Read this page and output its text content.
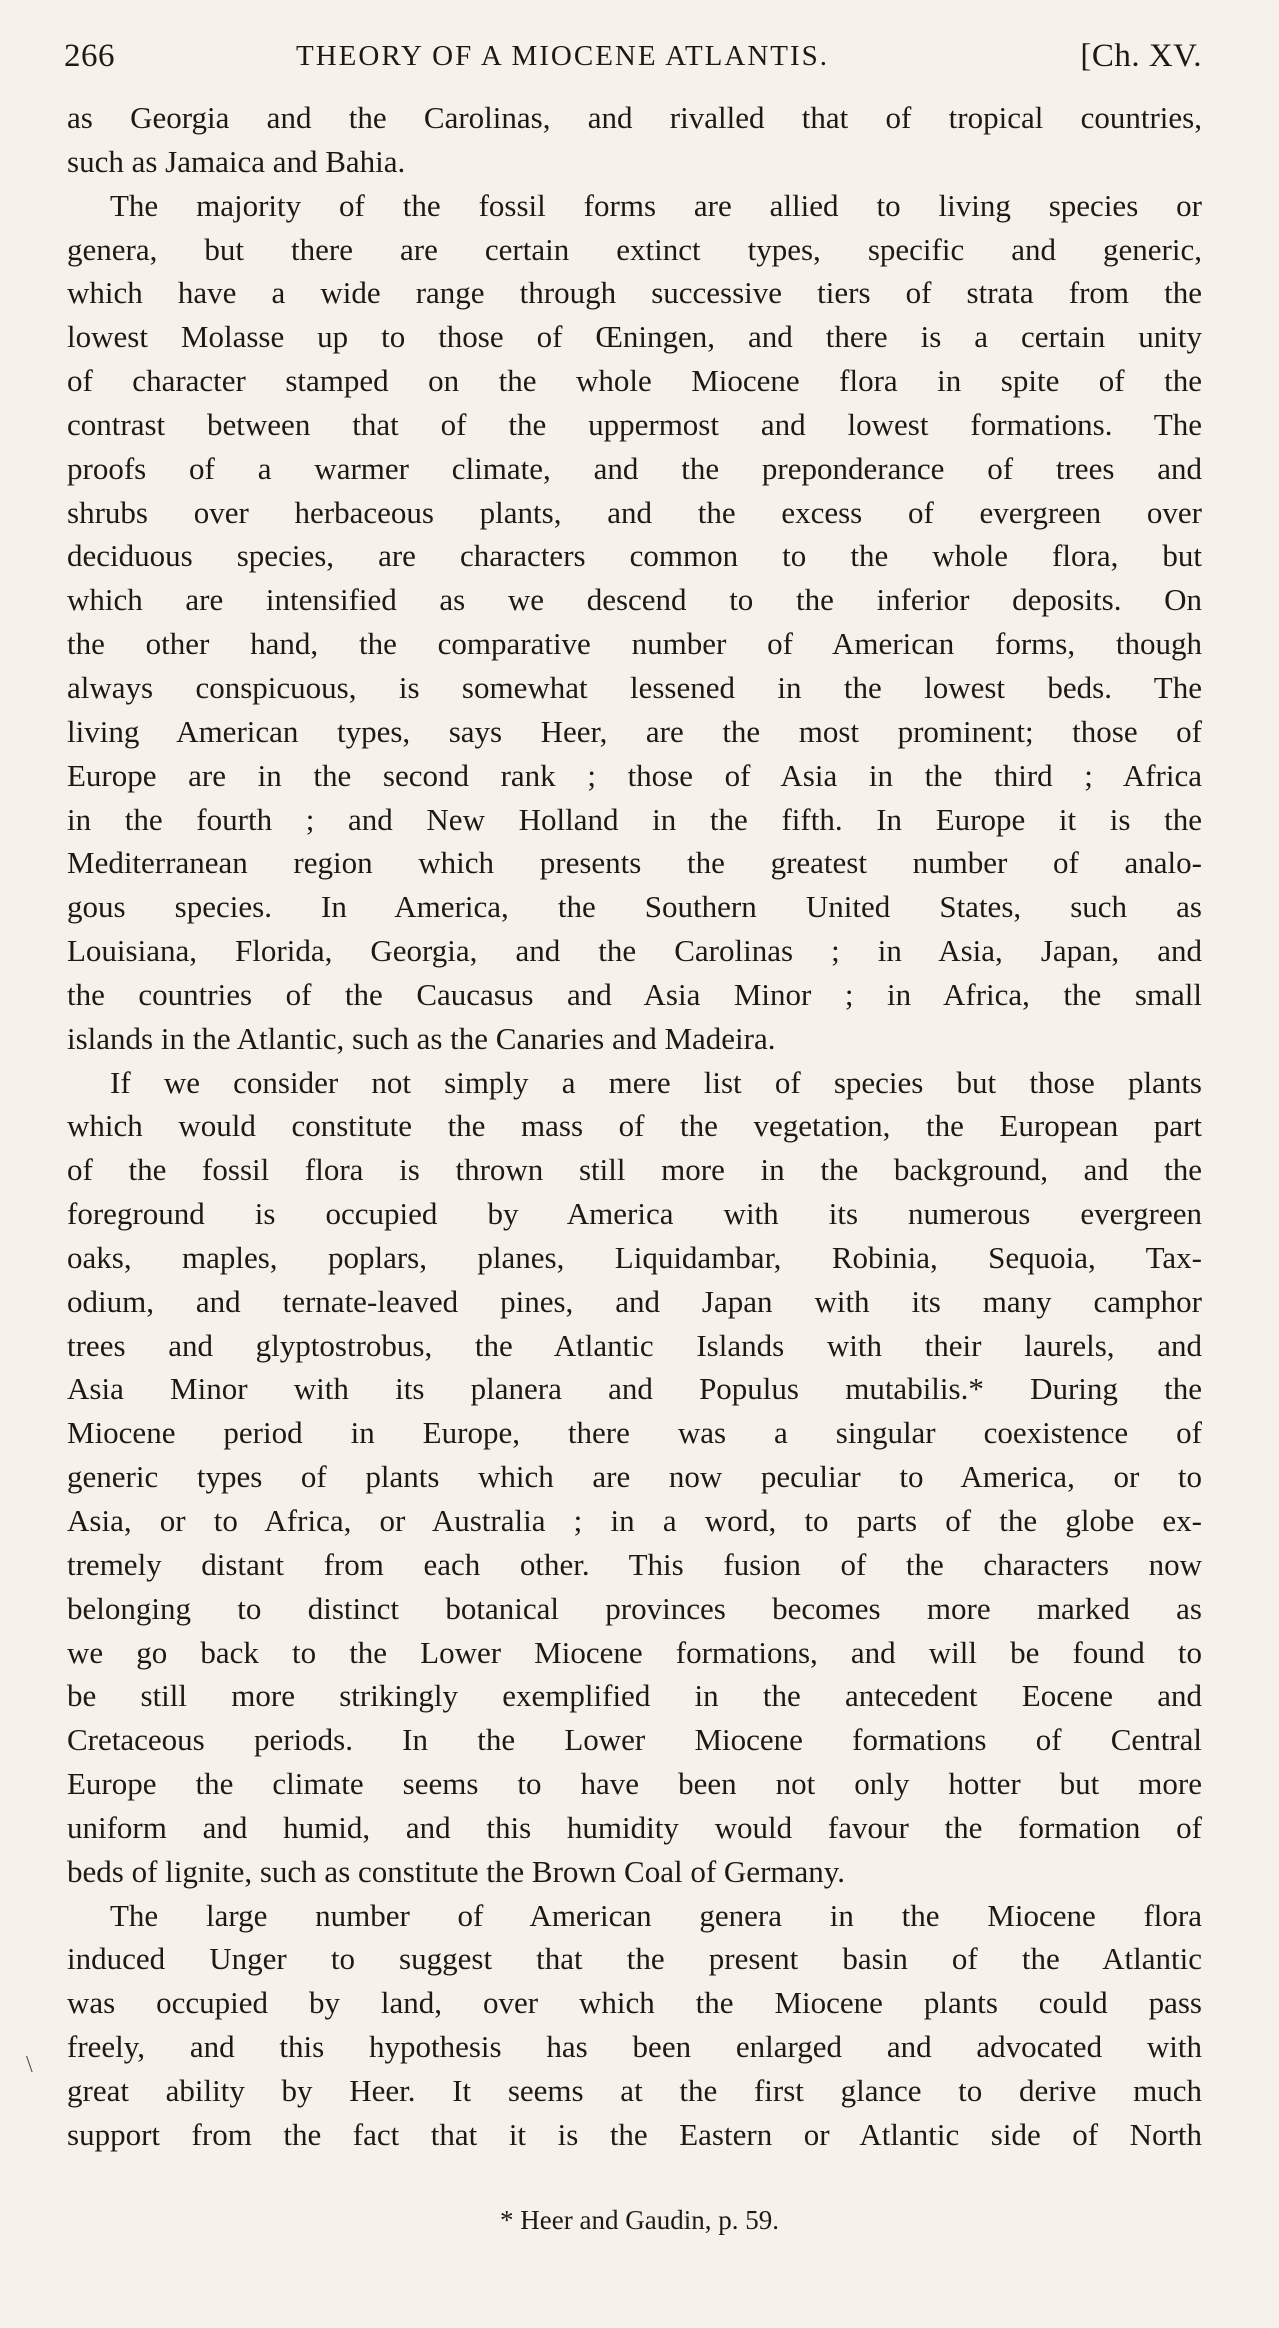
266	THEORY OF A MIOCENE ATLANTIS.	[Ch. XV.
as Georgia and the Carolinas, and rivalled that of tropical countries,
such as Jamaica and Bahia.
The majority of the fossil forms are allied to living species or
genera, but there are certain extinct types, specific and generic,
which have a wide range through successive tiers of strata from the
lowest Molasse up to those of Œningen, and there is a certain unity
of character stamped on the whole Miocene flora in spite of the
contrast between that of the uppermost and lowest formations. The
proofs of a warmer climate, and the preponderance of trees and
shrubs over herbaceous plants, and the excess of evergreen over
deciduous species, are characters common to the whole flora, but
which are intensified as we descend to the inferior deposits. On
the other hand, the comparative number of American forms, though
always conspicuous, is somewhat lessened in the lowest beds. The
living American types, says Heer, are the most prominent; those of
Europe are in the second rank ; those of Asia in the third ; Africa
in the fourth ; and New Holland in the fifth. In Europe it is the
Mediterranean region which presents the greatest number of analo-
gous species. In America, the Southern United States, such as
Louisiana, Florida, Georgia, and the Carolinas ; in Asia, Japan, and
the countries of the Caucasus and Asia Minor ; in Africa, the small
islands in the Atlantic, such as the Canaries and Madeira.
If we consider not simply a mere list of species but those plants
which would constitute the mass of the vegetation, the European part
of the fossil flora is thrown still more in the background, and the
foreground is occupied by America with its numerous evergreen
oaks, maples, poplars, planes, Liquidambar, Robinia, Sequoia, Tax-
odium, and ternate-leaved pines, and Japan with its many camphor
trees and glyptostrobus, the Atlantic Islands with their laurels, and
Asia Minor with its planera and Populus mutabilis.* During the
Miocene period in Europe, there was a singular coexistence of
generic types of plants which are now peculiar to America, or to
Asia, or to Africa, or Australia ; in a word, to parts of the globe ex-
tremely distant from each other. This fusion of the characters now
belonging to distinct botanical provinces becomes more marked as
we go back to the Lower Miocene formations, and will be found to
be still more strikingly exemplified in the antecedent Eocene and
Cretaceous periods. In the Lower Miocene formations of Central
Europe the climate seems to have been not only hotter but more
uniform and humid, and this humidity would favour the formation of
beds of lignite, such as constitute the Brown Coal of Germany.
The large number of American genera in the Miocene flora
induced Unger to suggest that the present basin of the Atlantic
was occupied by land, over which the Miocene plants could pass
freely, and this hypothesis has been enlarged and advocated with
great ability by Heer. It seems at the first glance to derive much
support from the fact that it is the Eastern or Atlantic side of North
\
* Heer and Gaudin, p. 59.
